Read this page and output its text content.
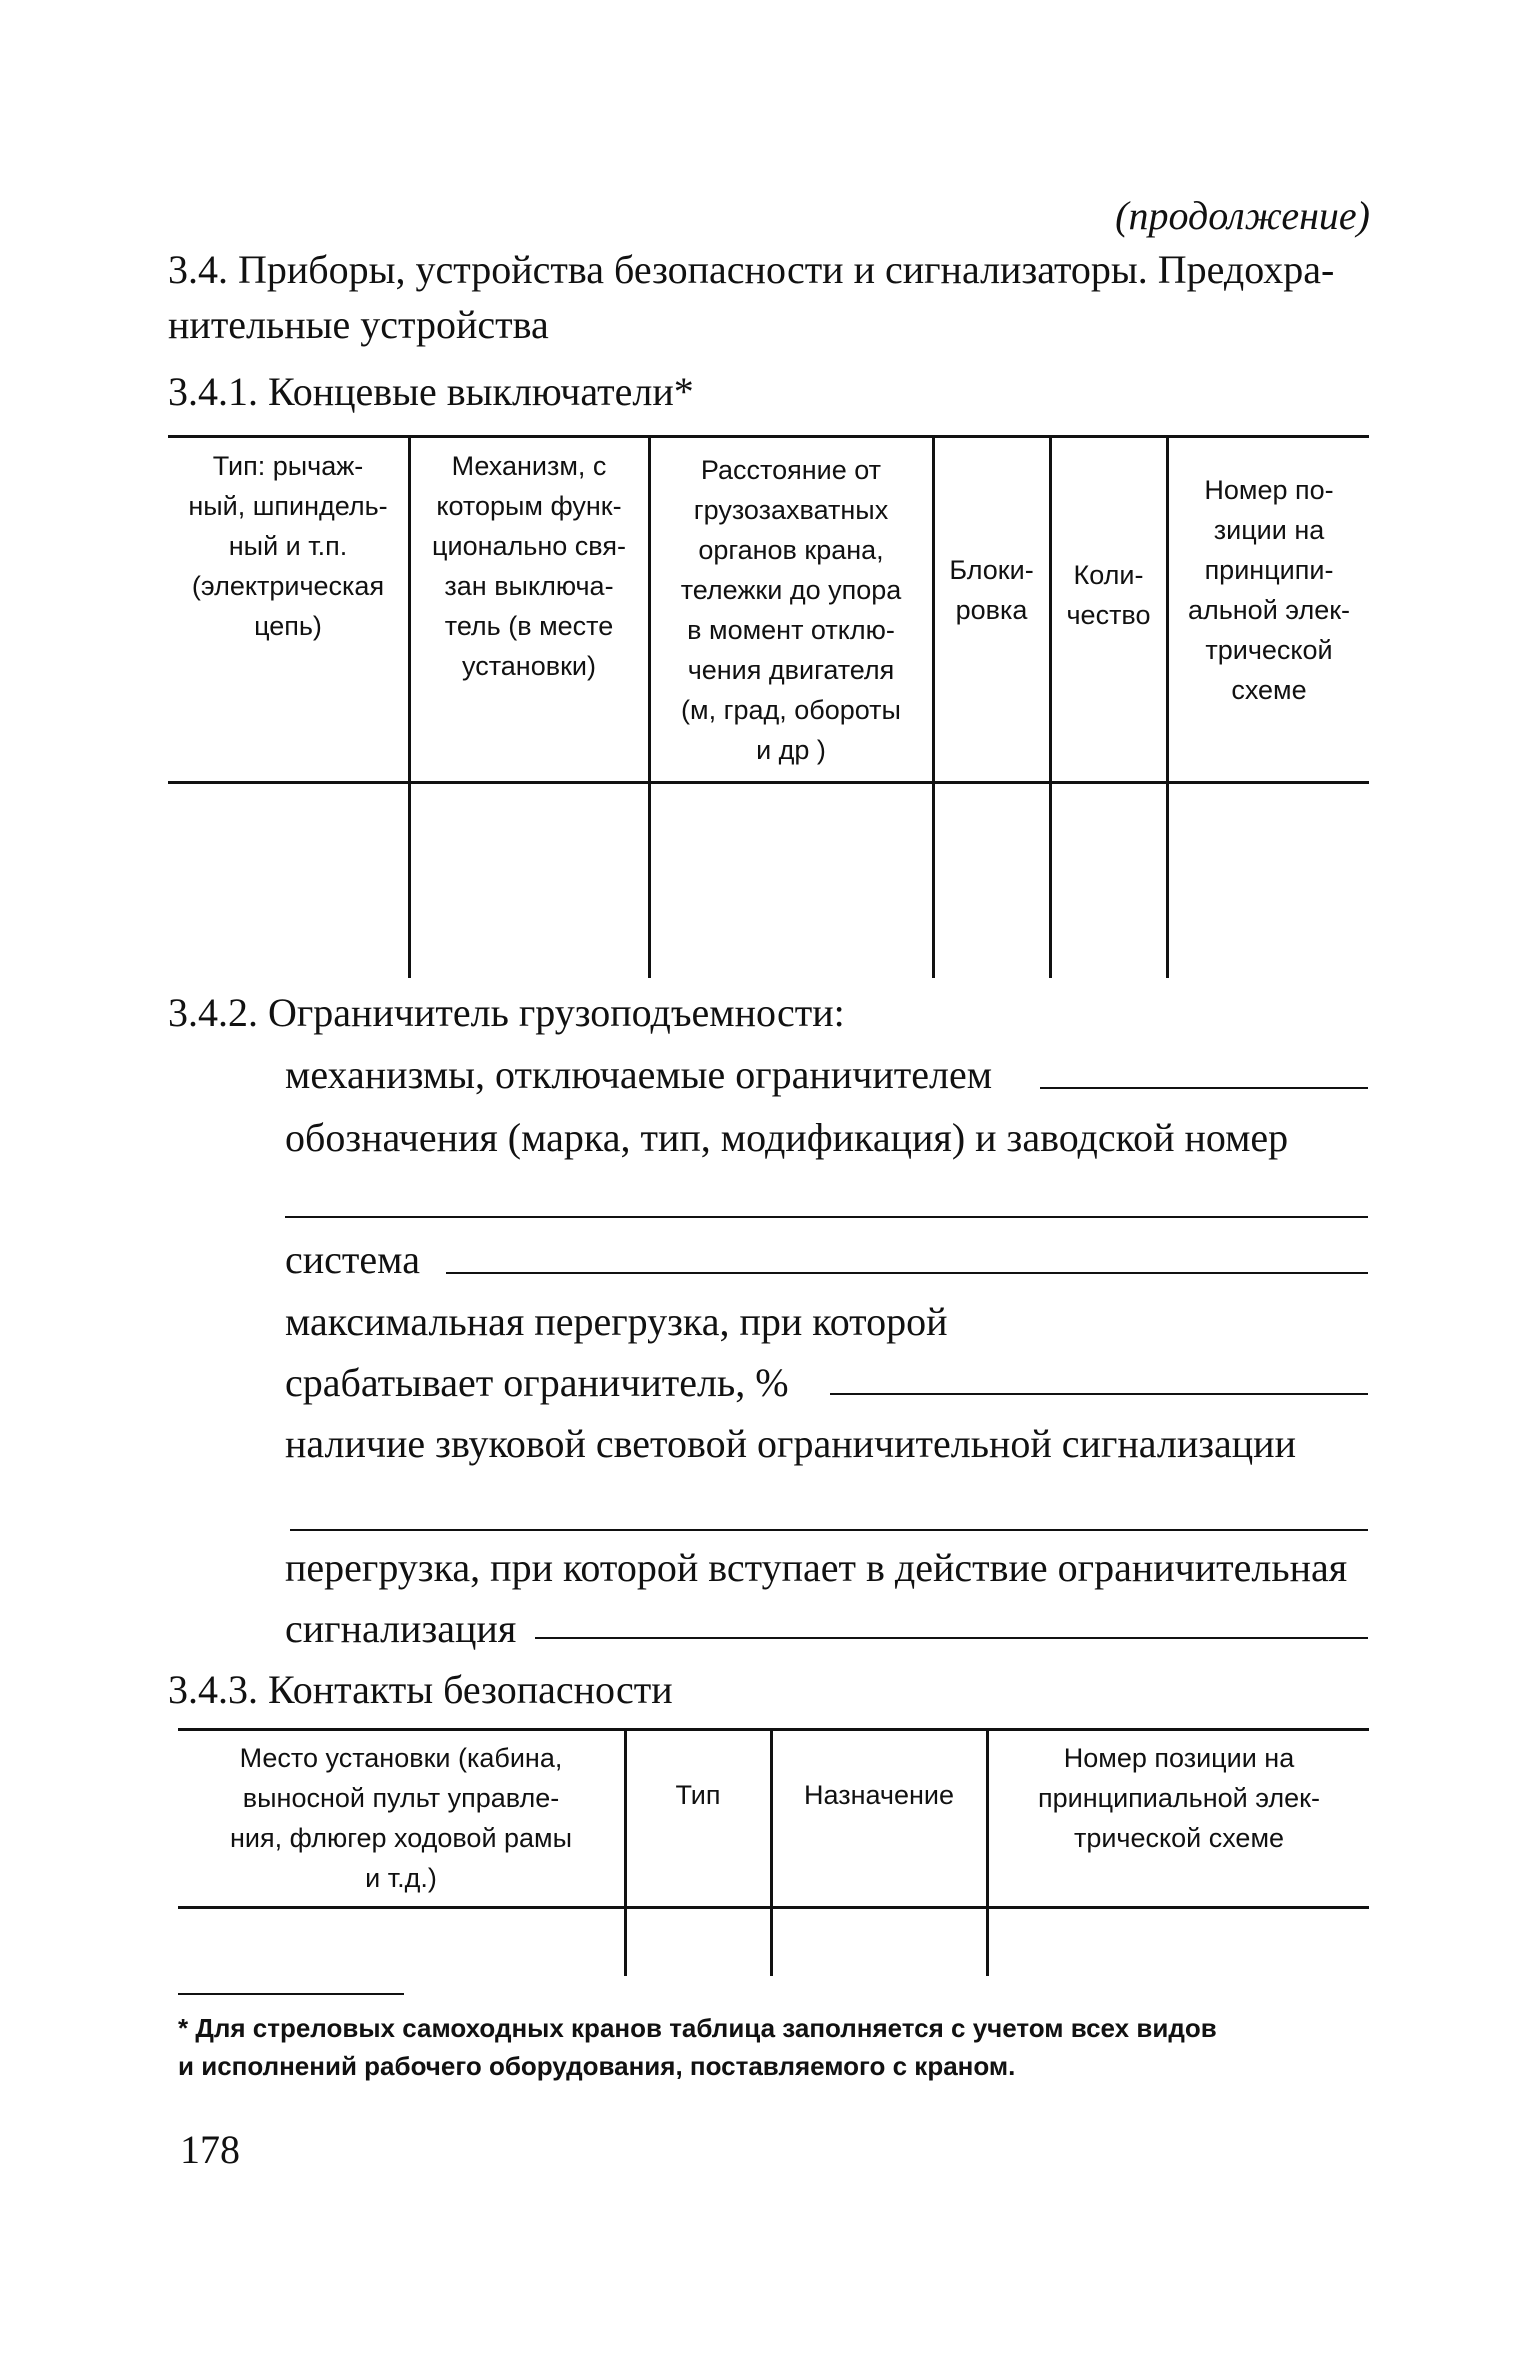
(продолжение)
3.4. Приборы, устройства безопасности и сигнализаторы. Предохра-
нительные устройства
3.4.1. Концевые выключатели*
Тип: рычаж-
ный, шпиндель-
ный и т.п.
(электрическая
цепь)
Механизм, с
которым функ-
ционально свя-
зан выключа-
тель (в месте
установки)
Расстояние от
грузозахватных
органов крана,
тележки до упора
в момент отклю-
чения двигателя
(м, град, обороты
и др )
Блоки-
ровка
Коли-
чество
Номер по-
зиции на
принципи-
альной элек-
трической
схеме
3.4.2. Ограничитель грузоподъемности:
механизмы, отключаемые ограничителем
обозначения (марка, тип, модификация) и заводской номер
система
максимальная перегрузка, при которой
срабатывает ограничитель, %
наличие звуковой световой ограничительной сигнализации
перегрузка, при которой вступает в действие ограничительная
сигнализация
3.4.3. Контакты безопасности
Место установки (кабина,
выносной пульт управле-
ния, флюгер ходовой рамы
и т.д.)
Тип	Назначение
Номер позиции на
принципиальной элек-
трической схеме
* Для стреловых самоходных кранов таблица заполняется с учетом всех видов
и исполнений рабочего оборудования, поставляемого с краном.
178
